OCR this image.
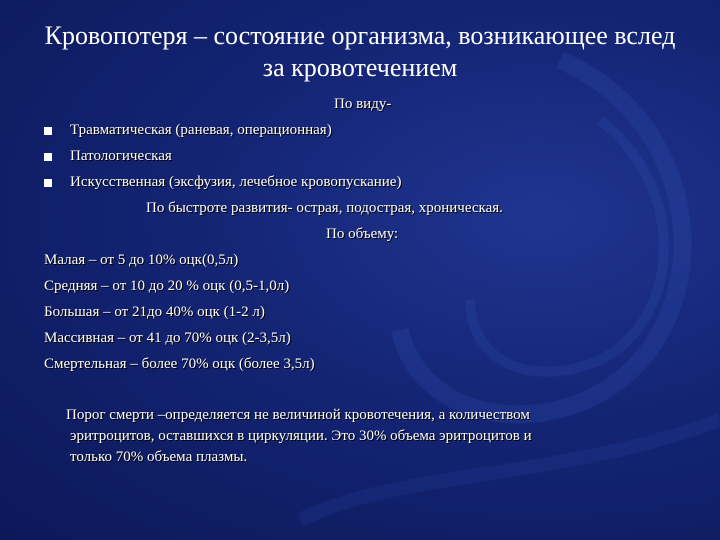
Кровопотеря – состояние организма, возникающее вслед
за кровотечением
По виду-
Травматическая (раневая, операционная)
Патологическая
Искусственная (эксфузия, лечебное кровопускание)
По быстроте развития- острая, подострая, хроническая.
По объему:
Малая – от 5 до 10% оцк(0,5л)
Средняя – от 10 до 20 % оцк (0,5-1,0л)
Большая – от 21до 40% оцк (1-2 л)
Массивная – от 41 до 70% оцк (2-3,5л)
Смертельная – более 70% оцк (более 3,5л)
Порог смерти –определяется не величиной кровотечения, а количеством
эритроцитов, оставшихся в циркуляции. Это 30% объема эритроцитов и
только 70% объема плазмы.
